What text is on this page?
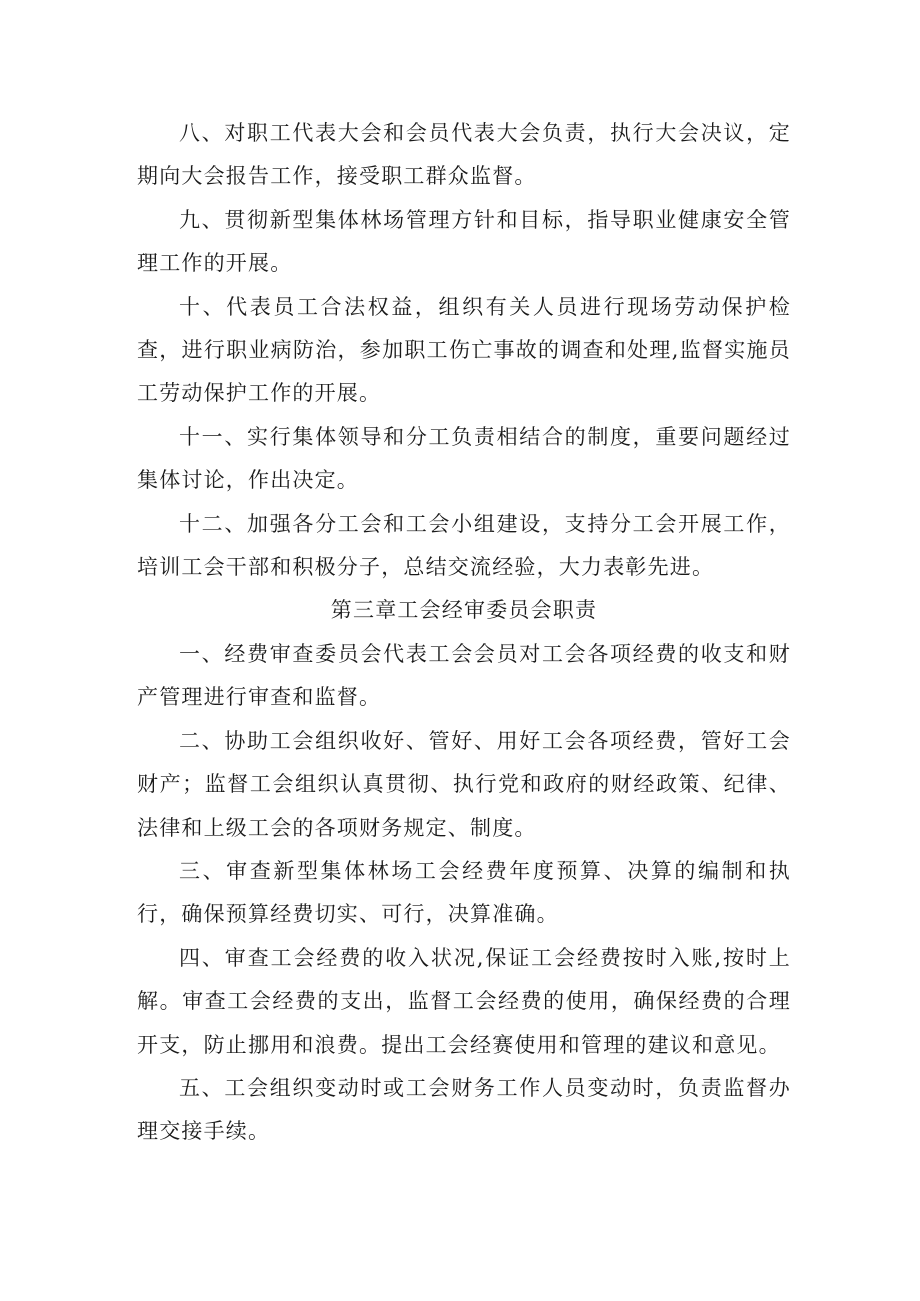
八、对职工代表大会和会员代表大会负责，执行大会决议，定期向大会报告工作，接受职工群众监督。

九、贯彻新型集体林场管理方针和目标，指导职业健康安全管理工作的开展。

十、代表员工合法权益，组织有关人员进行现场劳动保护检查，进行职业病防治，参加职工伤亡事故的调查和处理,监督实施员工劳动保护工作的开展。

十一、实行集体领导和分工负责相结合的制度，重要问题经过集体讨论，作出决定。

十二、加强各分工会和工会小组建设，支持分工会开展工作，培训工会干部和积极分子，总结交流经验，大力表彰先进。

第三章工会经审委员会职责

一、经费审查委员会代表工会会员对工会各项经费的收支和财产管理进行审查和监督。

二、协助工会组织收好、管好、用好工会各项经费，管好工会财产；监督工会组织认真贯彻、执行党和政府的财经政策、纪律、法律和上级工会的各项财务规定、制度。

三、审查新型集体林场工会经费年度预算、决算的编制和执行，确保预算经费切实、可行，决算准确。

四、审查工会经费的收入状况,保证工会经费按时入账,按时上解。审查工会经费的支出，监督工会经费的使用，确保经费的合理开支，防止挪用和浪费。提出工会经赛使用和管理的建议和意见。

五、工会组织变动时或工会财务工作人员变动时，负责监督办理交接手续。
